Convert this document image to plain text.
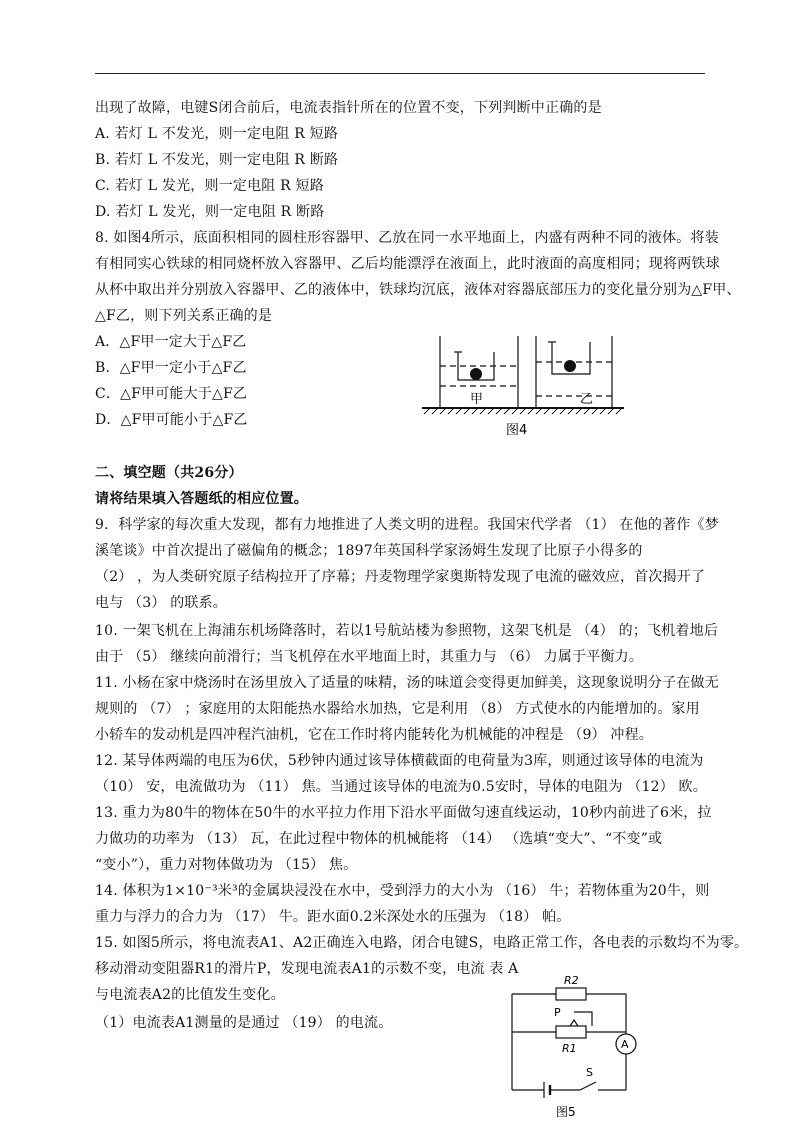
出现了故障，电键S闭合前后，电流表指针所在的位置不变，下列判断中正确的是
A. 若灯 L 不发光，则一定电阻 R 短路
B. 若灯 L 不发光，则一定电阻 R 断路
C. 若灯 L 发光，则一定电阻 R 短路
D. 若灯 L 发光，则一定电阻 R 断路
8. 如图4所示，底面积相同的圆柱形容器甲、乙放在同一水平地面上，内盛有两种不同的液体。将装
有相同实心铁球的相同烧杯放入容器甲、乙后均能漂浮在液面上，此时液面的高度相同；现将两铁球
从杯中取出并分别放入容器甲、乙的液体中，铁球均沉底，液体对容器底部压力的变化量分别为△F甲、
△F乙，则下列关系正确的是
A．△F甲一定大于△F乙
B．△F甲一定小于△F乙
C．△F甲可能大于△F乙
D．△F甲可能小于△F乙
甲	乙
图4
二、填空题（共26分）
请将结果填入答题纸的相应位置。
9．科学家的每次重大发现，都有力地推进了人类文明的进程。我国宋代学者 （1） 在他的著作《梦
溪笔谈》中首次提出了磁偏角的概念；1897年英国科学家汤姆生发现了比原子小得多的
（2） ，为人类研究原子结构拉开了序幕；丹麦物理学家奥斯特发现了电流的磁效应，首次揭开了
电与 （3） 的联系。
10. 一架飞机在上海浦东机场降落时，若以1号航站楼为参照物，这架飞机是 （4） 的；飞机着地后
由于 （5） 继续向前滑行；当飞机停在水平地面上时，其重力与 （6） 力属于平衡力。
11. 小杨在家中烧汤时在汤里放入了适量的味精，汤的味道会变得更加鲜美，这现象说明分子在做无
规则的 （7） ；家庭用的太阳能热水器给水加热，它是利用 （8） 方式使水的内能增加的。家用
小轿车的发动机是四冲程汽油机，它在工作时将内能转化为机械能的冲程是 （9） 冲程。
12. 某导体两端的电压为6伏，5秒钟内通过该导体横截面的电荷量为3库，则通过该导体的电流为
（10） 安，电流做功为 （11） 焦。当通过该导体的电流为0.5安时，导体的电阻为 （12） 欧。
13. 重力为80牛的物体在50牛的水平拉力作用下沿水平面做匀速直线运动，10秒内前进了6米，拉
力做功的功率为 （13） 瓦，在此过程中物体的机械能将 （14） （选填“变大”、“不变”或
“变小”），重力对物体做功为 （15） 焦。
14. 体积为1×10⁻³米³的金属块浸没在水中，受到浮力的大小为 （16） 牛；若物体重为20牛，则
重力与浮力的合力为 （17） 牛。距水面0.2米深处水的压强为 （18） 帕。
15. 如图5所示，将电流表A1、A2正确连入电路，闭合电键S，电路正常工作，各电表的示数均不为零。
移动滑动变阻器R1的滑片P，发现电流表A1的示数不变，电流 表 A
与电流表A2的比值发生变化。
（1）电流表A1测量的是通过 （19） 的电流。
R2
P
R1
S
A
图5
